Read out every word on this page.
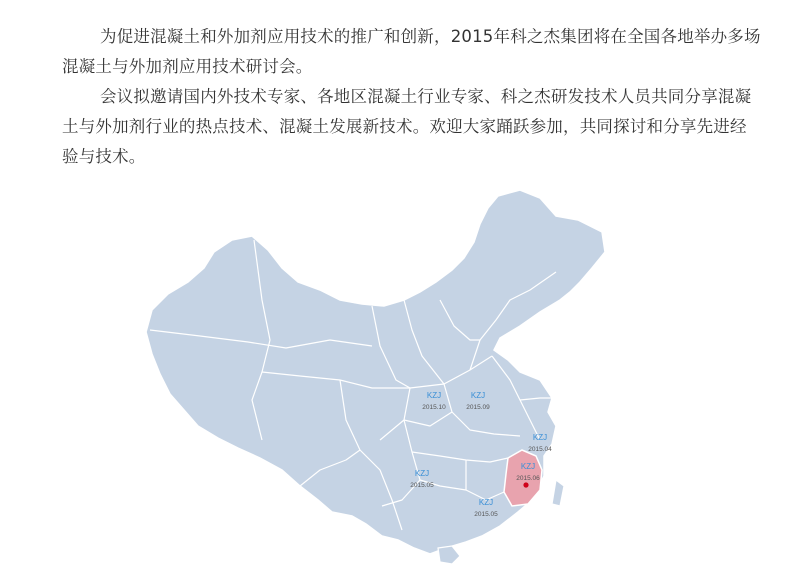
为促进混凝土和外加剂应用技术的推广和创新，2015年科之杰集团将在全国各地举办多场混凝土与外加剂应用技术研讨会。

会议拟邀请国内外技术专家、各地区混凝土行业专家、科之杰研发技术人员共同分享混凝土与外加剂行业的热点技术、混凝土发展新技术。欢迎大家踊跃参加，共同探讨和分享先进经验与技术。

KZJ
2015.10
KZJ
2015.09
KZJ
2015.04
KZJ
2015.06
KZJ
2015.05
KZJ
2015.05
